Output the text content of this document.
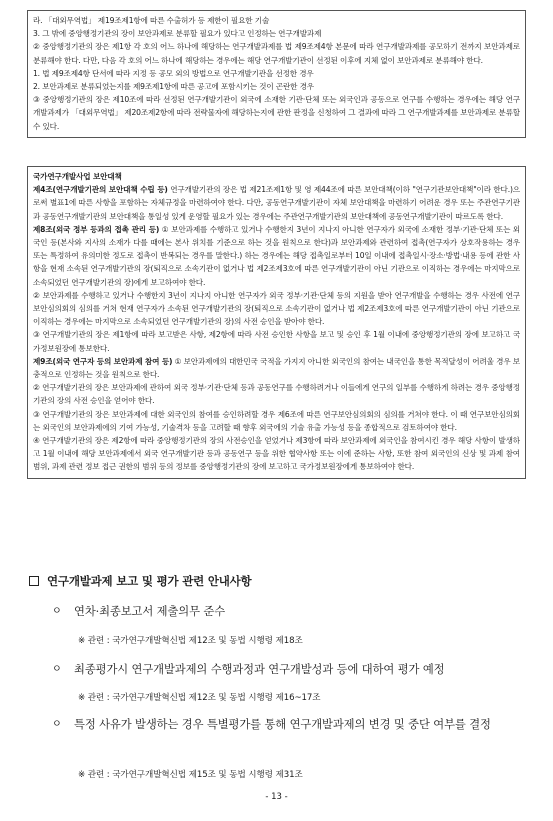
라. 「대외무역법」 제19조제1항에 따른 수출허가 등 제한이 필요한 기술

3. 그 밖에 중앙행정기관의 장이 보안과제로 분류할 필요가 있다고 인정하는 연구개발과제

② 중앙행정기관의 장은 제1항 각 호의 어느 하나에 해당하는 연구개발과제를 법 제9조제4항 본문에 따라 연구개발과제를 공모하기 전까지 보안과제로 분류해야 한다. 다만, 다음 각 호의 어느 하나에 해당하는 경우에는 해당 연구개발기관이 선정된 이후에 지체 없이 보안과제로 분류해야 한다.

1. 법 제9조제4항 단서에 따라 지정 등 공모 외의 방법으로 연구개발기관을 선정한 경우

2. 보안과제로 분류되었는지를 제9조제1항에 따른 공고에 포함시키는 것이 곤란한 경우

③ 중앙행정기관의 장은 제10조에 따라 선정된 연구개발기관이 외국에 소재한 기관·단체 또는 외국인과 공동으로 연구를 수행하는 경우에는 해당 연구개발과제가 「대외무역법」 제20조제2항에 따라 전략물자에 해당하는지에 관한 판정을 신청하여 그 결과에 따라 그 연구개발과제를 보안과제로 분류할 수 있다.

국가연구개발사업 보안대책

제4조(연구개발기관의 보안대책 수립 등) 연구개발기관의 장은 법 제21조제1항 및 영 제44조에 따른 보안대책(이하 "연구기관보안대책"이라 한다.)으로써 별표1에 따른 사항을 포함하는 자체규정을 마련하여야 한다. 다만, 공동연구개발기관이 자체 보안대책을 마련하기 어려운 경우 또는 주관연구기관과 공동연구개발기관의 보안대책을 통일성 있게 운영할 필요가 있는 경우에는 주관연구개발기관의 보안대책에 공동연구개발기관이 따르도록 한다.

제8조(외국 정부 등과의 접촉 관리 등) ① 보안과제를 수행하고 있거나 수행한지 3년이 지나지 아니한 연구자가 외국에 소재한 정부·기관·단체 또는 외국인 등(본사와 지사의 소재가 다를 때에는 본사 위치를 기준으로 하는 것을 원칙으로 한다)과 보안과제와 관련하여 접촉(연구자가 상호작용하는 경우 또는 특정하여 유의미한 정도로 접촉이 반복되는 경우를 말한다.) 하는 경우에는 해당 접촉일로부터 10일 이내에 접촉일시·장소·방법·내용 등에 관한 사항을 현재 소속된 연구개발기관의 장(퇴직으로 소속기관이 없거나 법 제2조제3호에 따른 연구개발기관이 아닌 기관으로 이직하는 경우에는 마지막으로 소속되었던 연구개발기관의 장)에게 보고하여야 한다.

② 보안과제를 수행하고 있거나 수행한지 3년이 지나지 아니한 연구자가 외국 정부·기관·단체 등의 지원을 받아 연구개발을 수행하는 경우 사전에 연구보안심의회의 심의를 거쳐 현재 연구자가 소속된 연구개발기관의 장(퇴직으로 소속기관이 없거나 법 제2조제3호에 따른 연구개발기관이 아닌 기관으로 이직하는 경우에는 마지막으로 소속되었던 연구개발기관의 장)의 사전 승인을 받아야 한다.

③ 연구개발기관의 장은 제1항에 따라 보고받은 사항, 제2항에 따라 사전 승인한 사항을 보고 및 승인 후 1월 이내에 중앙행정기관의 장에 보고하고 국가정보원장에 통보한다.

제9조(외국 연구자 등의 보안과제 참여 등) ① 보안과제에의 대한민국 국적을 가지지 아니한 외국인의 참여는 내국인을 통한 목적달성이 어려울 경우 보충적으로 인정하는 것을 원칙으로 한다.

② 연구개발기관의 장은 보안과제에 관하여 외국 정부·기관·단체 등과 공동연구를 수행하려거나 이들에게 연구의 일부를 수행하게 하려는 경우 중앙행정기관의 장의 사전 승인을 얻어야 한다.

③ 연구개발기관의 장은 보안과제에 대한 외국인의 참여를 승인하려할 경우 제6조에 따른 연구보안심의회의 심의를 거쳐야 한다. 이 때 연구보안심의회는 외국인의 보안과제에의 기여 가능성, 기술격차 등을 고려할 때 향후 외국에의 기술 유출 가능성 등을 종합적으로 검토하여야 한다.

④ 연구개발기관의 장은 제2항에 따라 중앙행정기관의 장의 사전승인을 얻었거나 제3항에 따라 보안과제에 외국인을 참여시킨 경우 해당 사항이 발생하고 1월 이내에 해당 보안과제에서 외국 연구개발기관 등과 공동연구 등을 위한 협약사항 또는 이에 준하는 사항, 또한 참여 외국인의 신상 및 과제 참여 범위, 과제 관련 정보 접근 권한의 범위 등의 정보를 중앙행정기관의 장에 보고하고 국가정보원장에게 통보하여야 한다.

연구개발과제 보고 및 평가 관련 안내사항
ㅇ 연차·최종보고서 제출의무 준수
※ 관련 : 국가연구개발혁신법 제12조 및 동법 시행령 제18조
ㅇ 최종평가시 연구개발과제의 수행과정과 연구개발성과 등에 대하여 평가 예정
※ 관련 : 국가연구개발혁신법 제12조 및 동법 시행령 제16~17조
ㅇ 특정 사유가 발생하는 경우 특별평가를 통해 연구개발과제의 변경 및 중단 여부를 결정
※ 관련 : 국가연구개발혁신법 제15조 및 동법 시행령 제31조
- 13 -
